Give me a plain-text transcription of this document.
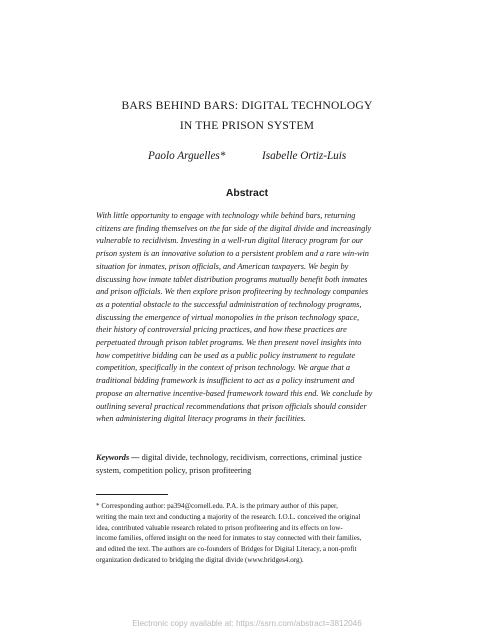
BARS BEHIND BARS: DIGITAL TECHNOLOGY
IN THE PRISON SYSTEM
Paolo Arguelles*	Isabelle Ortiz-Luis
Abstract
With little opportunity to engage with technology while behind bars, returning
citizens are finding themselves on the far side of the digital divide and increasingly
vulnerable to recidivism. Investing in a well-run digital literacy program for our
prison system is an innovative solution to a persistent problem and a rare win-win
situation for inmates, prison officials, and American taxpayers. We begin by
discussing how inmate tablet distribution programs mutually benefit both inmates
and prison officials. We then explore prison profiteering by technology companies
as a potential obstacle to the successful administration of technology programs,
discussing the emergence of virtual monopolies in the prison technology space,
their history of controversial pricing practices, and how these practices are
perpetuated through prison tablet programs. We then present novel insights into
how competitive bidding can be used as a public policy instrument to regulate
competition, specifically in the context of prison technology. We argue that a
traditional bidding framework is insufficient to act as a policy instrument and
propose an alternative incentive-based framework toward this end. We conclude by
outlining several practical recommendations that prison officials should consider
when administering digital literacy programs in their facilities.
Keywords — digital divide, technology, recidivism, corrections, criminal justice
system, competition policy, prison profiteering
* Corresponding author: pa394@cornell.edu. P.A. is the primary author of this paper,
writing the main text and conducting a majority of the research. I.O.L. conceived the original
idea, contributed valuable research related to prison profiteering and its effects on low-
income families, offered insight on the need for inmates to stay connected with their families,
and edited the text. The authors are co-founders of Bridges for Digital Literacy, a non-profit
organization dedicated to bridging the digital divide (www.bridges4.org).
Electronic copy available at: https://ssrn.com/abstract=3812046
